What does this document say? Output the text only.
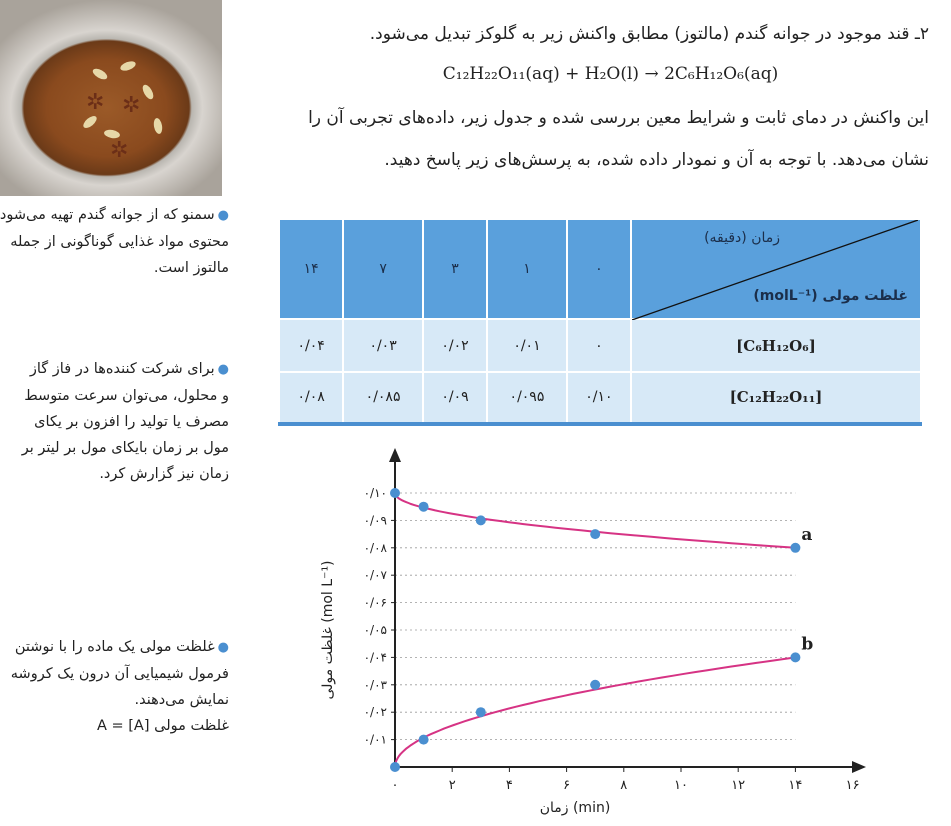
✲
✲
✲
●سمنو که از جوانه گندم تهیه می‌شود
محتوی مواد غذایی گوناگونی از جمله
مالتوز است.
●برای شرکت کننده‌ها در فاز گاز
و محلول، می‌توان سرعت متوسط
مصرف یا تولید را افزون بر یکای
مول بر زمان بایکای مول بر لیتر بر
زمان نیز گزارش کرد.
●غلظت مولی یک ماده را با نوشتن
فرمول شیمیایی آن درون یک کروشه
نمایش می‌دهند.
غلظت مولی A = [A]
۲ـ قند موجود در جوانه گندم (مالتوز) مطابق واکنش زیر به گلوکز تبدیل می‌شود.
C₁₂H₂₂O₁₁(aq) + H₂O(l) → 2C₆H₁₂O₆(aq)
این واکنش در دمای ثابت و شرایط معین بررسی شده و جدول زیر، داده‌های تجربی آن را
نشان می‌دهد. با توجه به آن و نمودار داده شده، به پرسش‌های زیر پاسخ دهید.
زمان (دقیقه)
غلظت مولی (molL⁻¹)	۰	۱	۳	۷	۱۴
[C₆H₁₂O₆]	۰	۰/۰۱	۰/۰۲	۰/۰۳	۰/۰۴
[C₁₂H₂₂O₁₁]	۰/۱۰	۰/۰۹۵	۰/۰۹	۰/۰۸۵	۰/۰۸
۰/۰۱
۰/۰۲
۰/۰۳
۰/۰۴
۰/۰۵
۰/۰۶
۰/۰۷
۰/۰۸
۰/۰۹
۰/۱۰
۰	۲	۴	۶	۸	۱۰	۱۲	۱۴	۱۶
زمان (min)
غلظت مولی (mol L⁻¹)
a
b
